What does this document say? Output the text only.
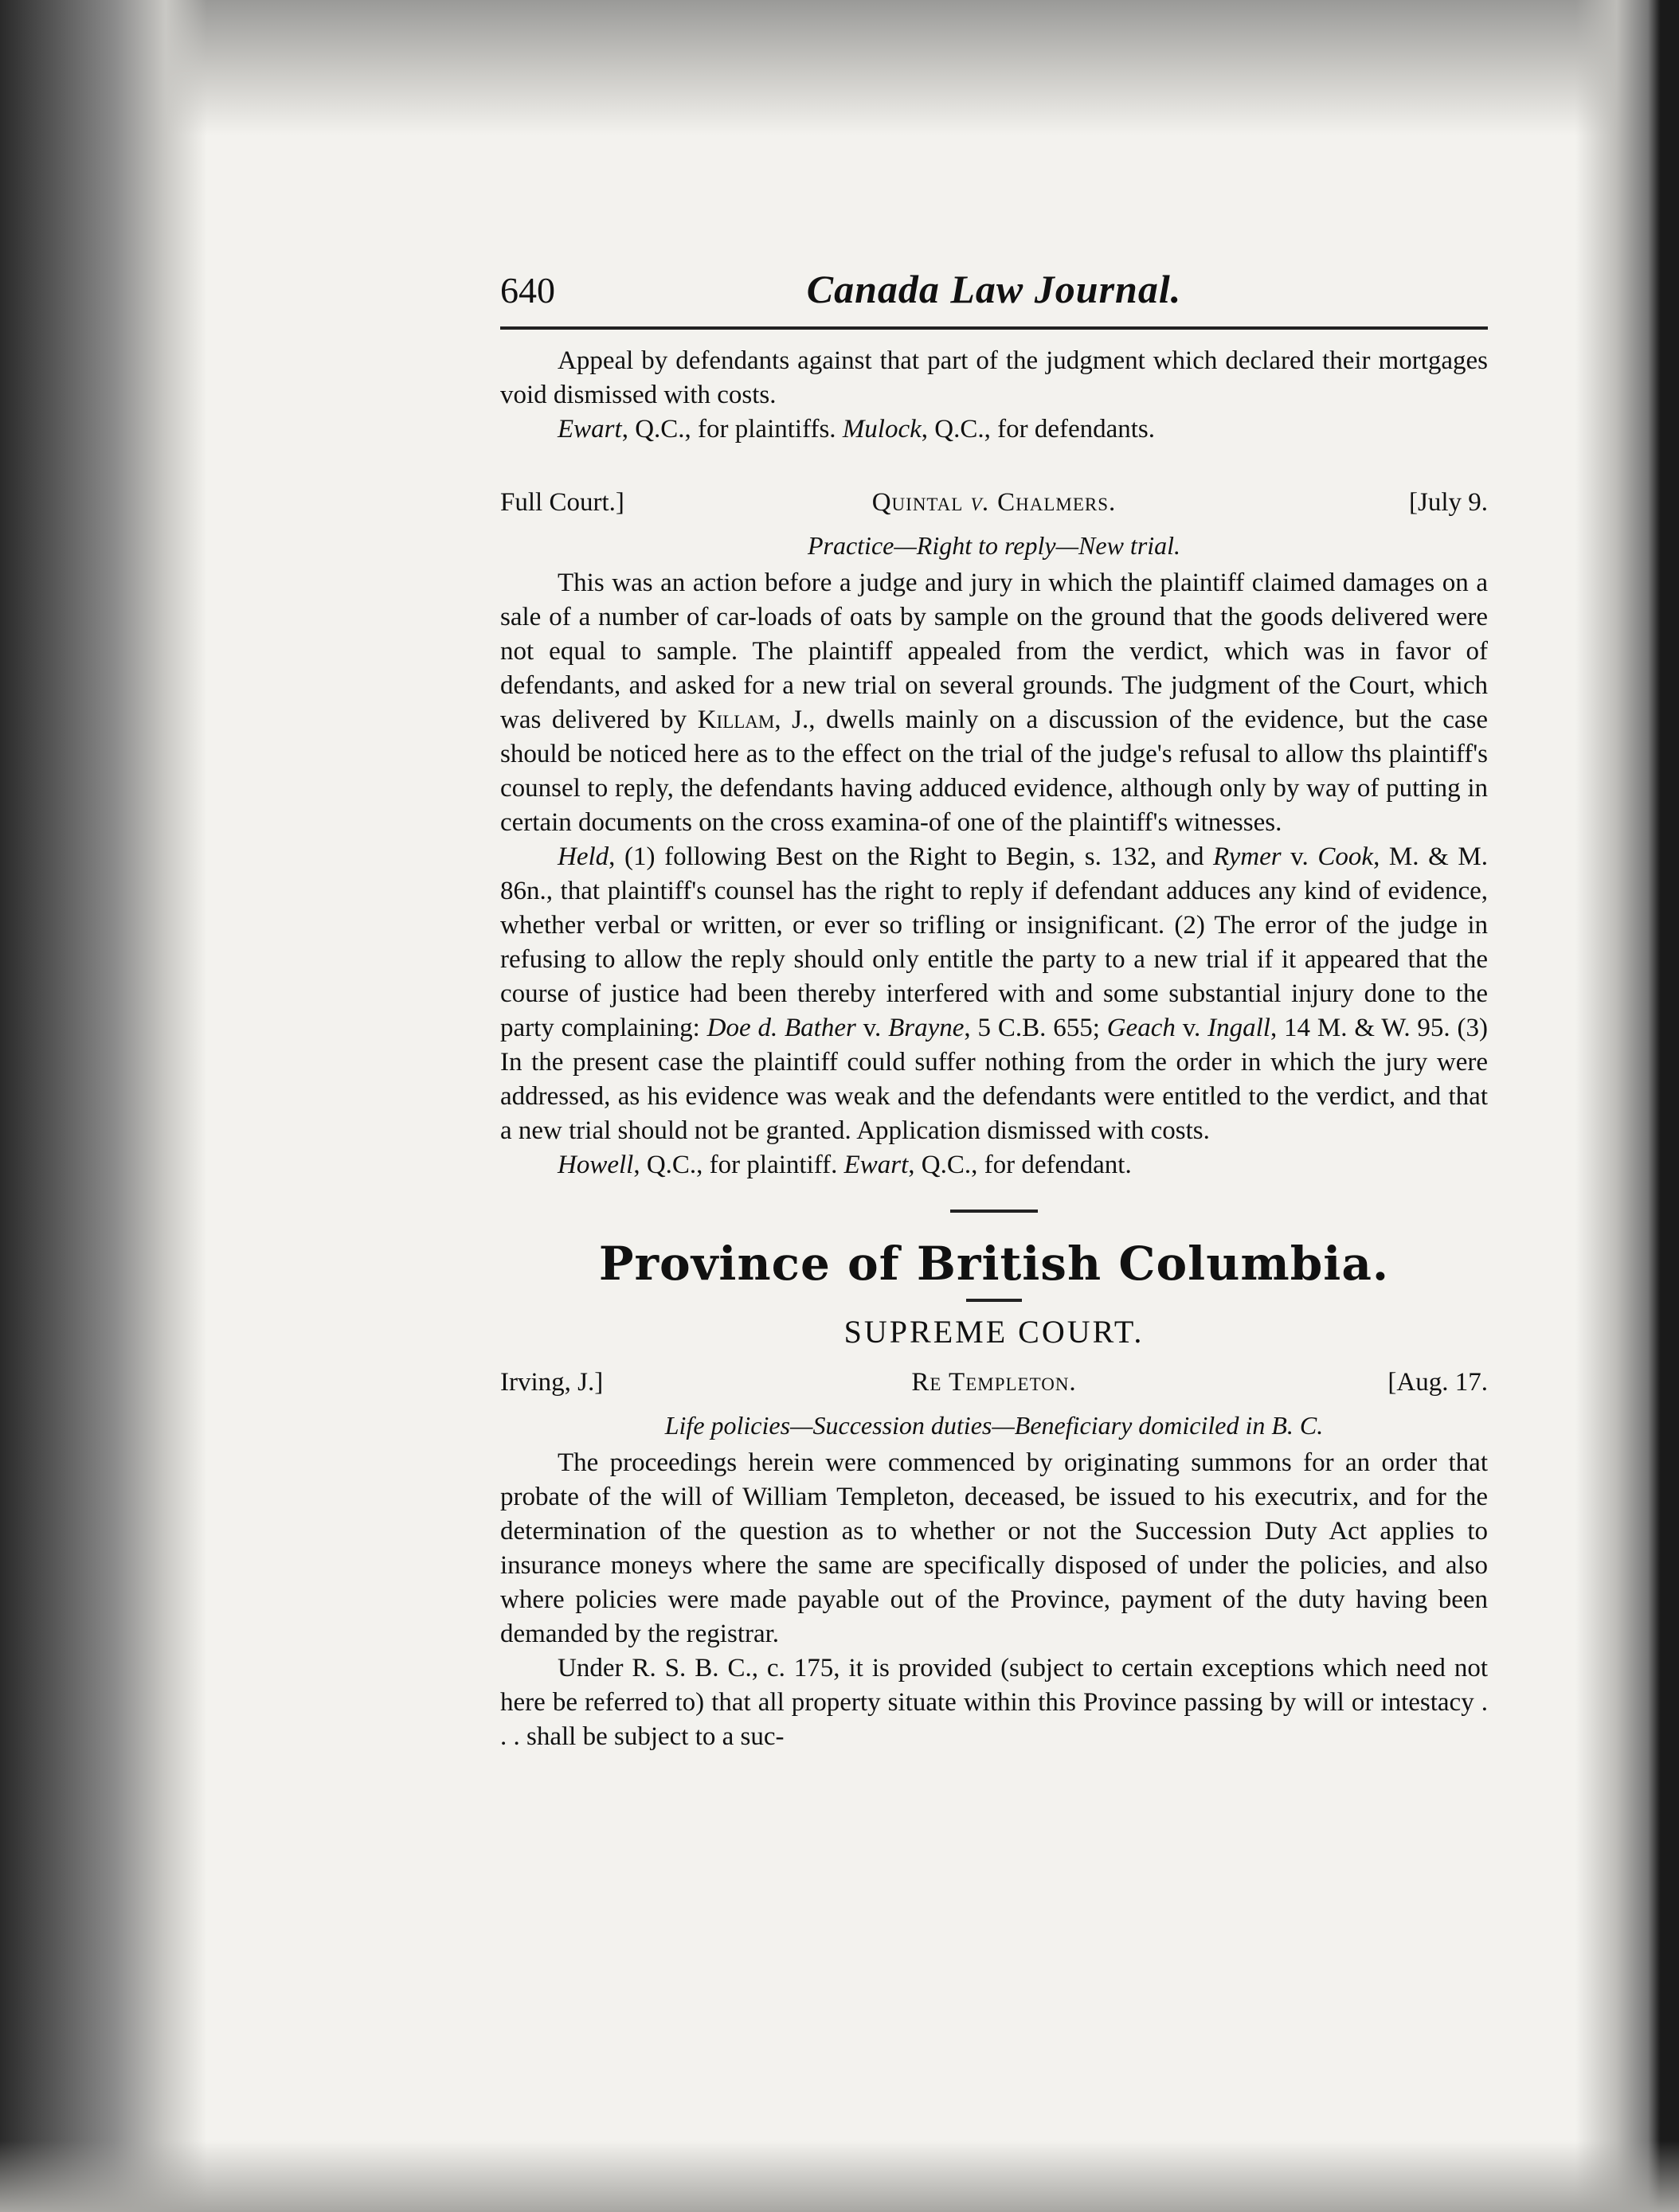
640	Canada Law Journal.

Appeal by defendants against that part of the judgment which declared their mortgages void dismissed with costs.

Ewart, Q.C., for plaintiffs. Mulock, Q.C., for defendants.

Full Court.]	Quintal v. Chalmers.	[July 9.
Practice—Right to reply—New trial.

This was an action before a judge and jury in which the plaintiff claimed damages on a sale of a number of car-loads of oats by sample on the ground that the goods delivered were not equal to sample. The plaintiff appealed from the verdict, which was in favor of defendants, and asked for a new trial on several grounds. The judgment of the Court, which was delivered by Killam, J., dwells mainly on a discussion of the evidence, but the case should be noticed here as to the effect on the trial of the judge's refusal to allow ths plaintiff's counsel to reply, the defendants having adduced evidence, although only by way of putting in certain documents on the cross examina-of one of the plaintiff's witnesses.

Held, (1) following Best on the Right to Begin, s. 132, and Rymer v. Cook, M. & M. 86n., that plaintiff's counsel has the right to reply if defendant adduces any kind of evidence, whether verbal or written, or ever so trifling or insignificant. (2) The error of the judge in refusing to allow the reply should only entitle the party to a new trial if it appeared that the course of justice had been thereby interfered with and some substantial injury done to the party complaining: Doe d. Bather v. Brayne, 5 C.B. 655; Geach v. Ingall, 14 M. & W. 95. (3) In the present case the plaintiff could suffer nothing from the order in which the jury were addressed, as his evidence was weak and the defendants were entitled to the verdict, and that a new trial should not be granted. Application dismissed with costs.

Howell, Q.C., for plaintiff. Ewart, Q.C., for defendant.

Province of British Columbia.
SUPREME COURT.
Irving, J.]	Re Templeton.	[Aug. 17.
Life policies—Succession duties—Beneficiary domiciled in B. C.

The proceedings herein were commenced by originating summons for an order that probate of the will of William Templeton, deceased, be issued to his executrix, and for the determination of the question as to whether or not the Succession Duty Act applies to insurance moneys where the same are specifically disposed of under the policies, and also where policies were made payable out of the Province, payment of the duty having been demanded by the registrar.

Under R. S. B. C., c. 175, it is provided (subject to certain exceptions which need not here be referred to) that all property situate within this Province passing by will or intestacy . . . shall be subject to a suc-
